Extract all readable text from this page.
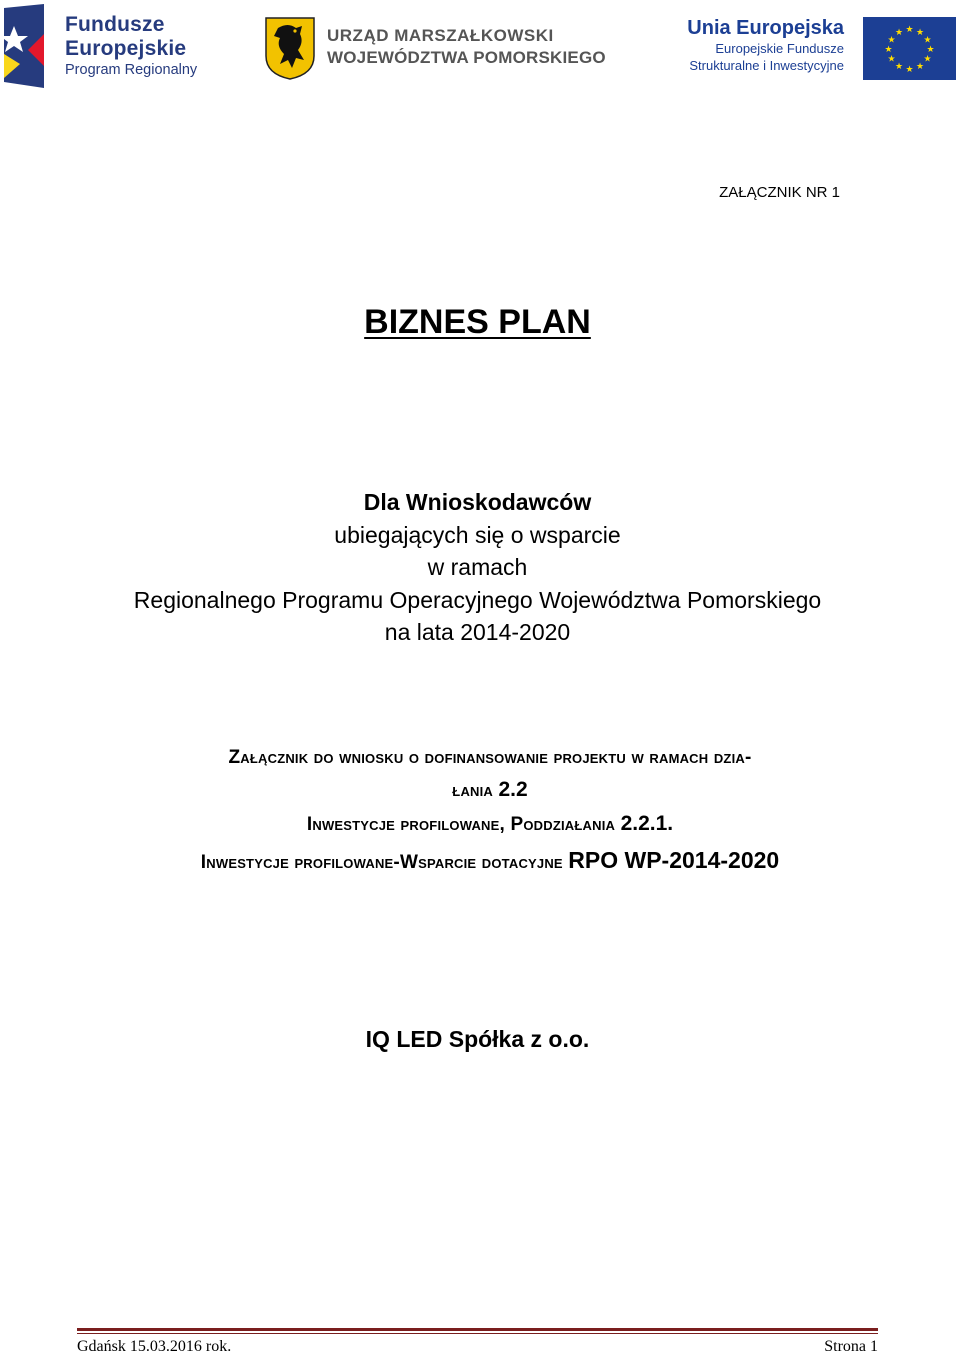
Fundusze
Europejskie
Program Regionalny
URZĄD MARSZAŁKOWSKI
WOJEWÓDZTWA POMORSKIEGO
Unia Europejska
Europejskie Fundusze
Strukturalne i Inwestycyjne
★ ★
★
★
★
★
★
★
★
★
★
★
ZAŁĄCZNIK NR 1
BIZNES PLAN
Dla Wnioskodawców
ubiegających się o wsparcie
w ramach
Regionalnego Programu Operacyjnego Województwa Pomorskiego
na lata 2014-2020
Załącznik do wniosku o dofinansowanie projektu w ramach dzia-
łania 2.2
Inwestycje profilowane, Poddziałania 2.2.1.
Inwestycje profilowane-Wsparcie dotacyjne RPO WP-2014-2020
IQ LED Spółka z o.o.
Gdańsk 15.03.2016 rok.	Strona 1
